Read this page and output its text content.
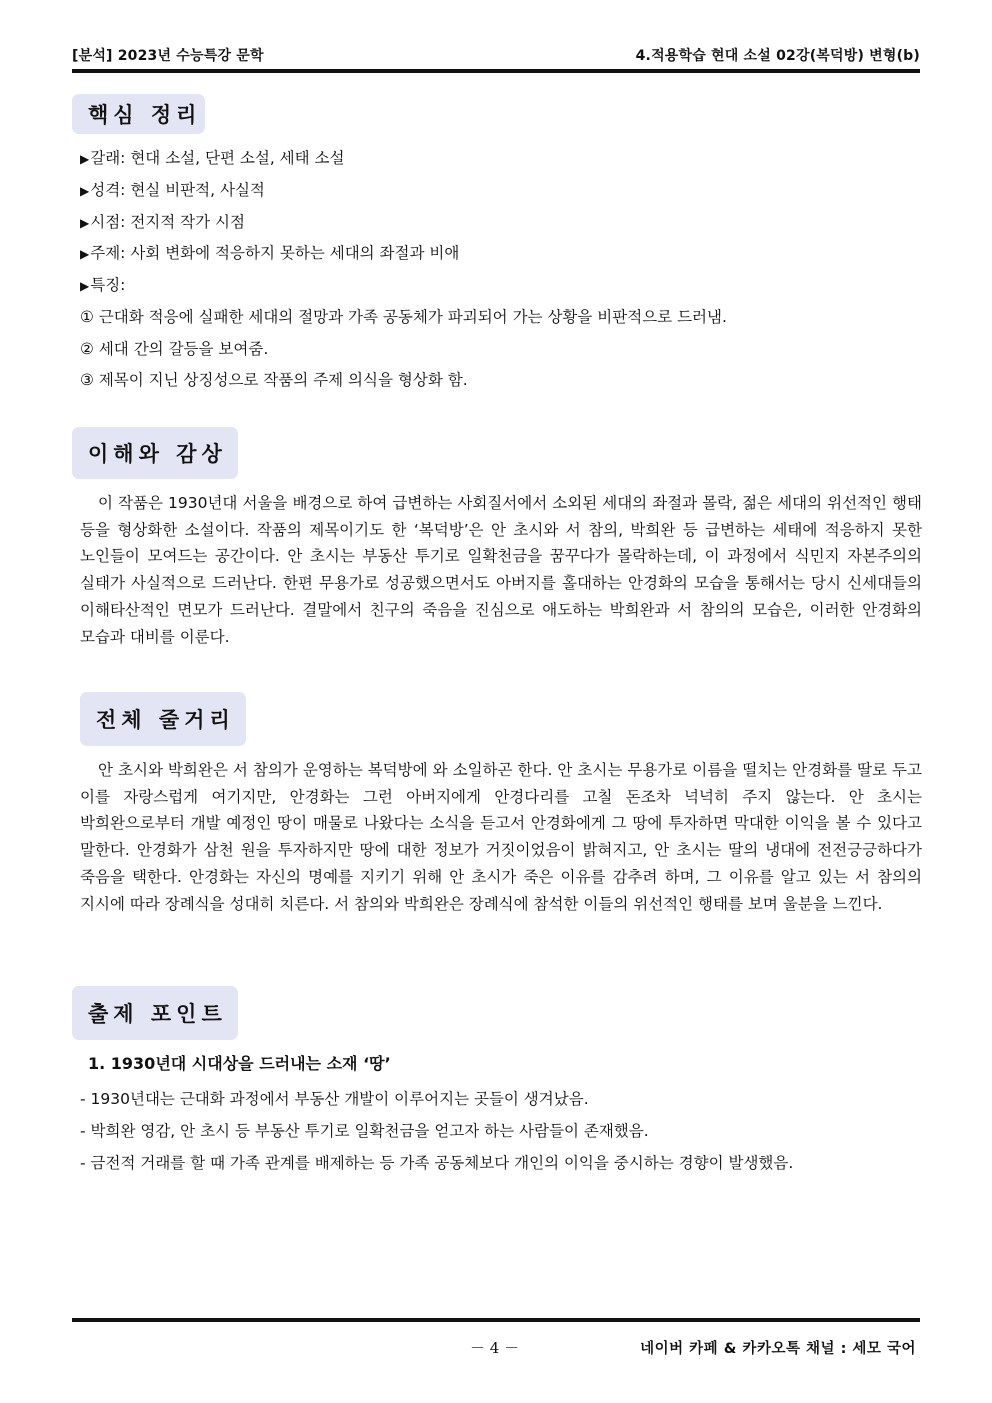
[분석] 2023년 수능특강 문학	4.적용학습 현대 소설 02강(복덕방) 변형(b)
핵심 정리
▶갈래: 현대 소설, 단편 소설, 세태 소설
▶성격: 현실 비판적, 사실적
▶시점: 전지적 작가 시점
▶주제: 사회 변화에 적응하지 못하는 세대의 좌절과 비애
▶특징:
① 근대화 적응에 실패한 세대의 절망과 가족 공동체가 파괴되어 가는 상황을 비판적으로 드러냄.
② 세대 간의 갈등을 보여줌.
③ 제목이 지닌 상징성으로 작품의 주제 의식을 형상화 함.
이해와 감상
이 작품은 1930년대 서울을 배경으로 하여 급변하는 사회질서에서 소외된 세대의 좌절과 몰락, 젊은 세대의 위선적인 행태 등을 형상화한 소설이다. 작품의 제목이기도 한 ‘복덕방’은 안 초시와 서 참의, 박희완 등 급변하는 세태에 적응하지 못한 노인들이 모여드는 공간이다. 안 초시는 부동산 투기로 일확천금을 꿈꾸다가 몰락하는데, 이 과정에서 식민지 자본주의의 실태가 사실적으로 드러난다. 한편 무용가로 성공했으면서도 아버지를 홀대하는 안경화의 모습을 통해서는 당시 신세대들의 이해타산적인 면모가 드러난다. 결말에서 친구의 죽음을 진심으로 애도하는 박희완과 서 참의의 모습은, 이러한 안경화의 모습과 대비를 이룬다.
전체 줄거리
안 초시와 박희완은 서 참의가 운영하는 복덕방에 와 소일하곤 한다. 안 초시는 무용가로 이름을 떨치는 안경화를 딸로 두고 이를 자랑스럽게 여기지만, 안경화는 그런 아버지에게 안경다리를 고칠 돈조차 넉넉히 주지 않는다. 안 초시는 박희완으로부터 개발 예정인 땅이 매물로 나왔다는 소식을 듣고서 안경화에게 그 땅에 투자하면 막대한 이익을 볼 수 있다고 말한다. 안경화가 삼천 원을 투자하지만 땅에 대한 정보가 거짓이었음이 밝혀지고, 안 초시는 딸의 냉대에 전전긍긍하다가 죽음을 택한다. 안경화는 자신의 명예를 지키기 위해 안 초시가 죽은 이유를 감추려 하며, 그 이유를 알고 있는 서 참의의 지시에 따라 장례식을 성대히 치른다. 서 참의와 박희완은 장례식에 참석한 이들의 위선적인 행태를 보며 울분을 느낀다.
출제 포인트
1. 1930년대 시대상을 드러내는 소재 ‘땅’
- 1930년대는 근대화 과정에서 부동산 개발이 이루어지는 곳들이 생겨났음.
- 박희완 영감, 안 초시 등 부동산 투기로 일확천금을 얻고자 하는 사람들이 존재했음.
- 금전적 거래를 할 때 가족 관계를 배제하는 등 가족 공동체보다 개인의 이익을 중시하는 경향이 발생했음.
－ 4 －	네이버 카페 & 카카오톡 채널 : 세모 국어
